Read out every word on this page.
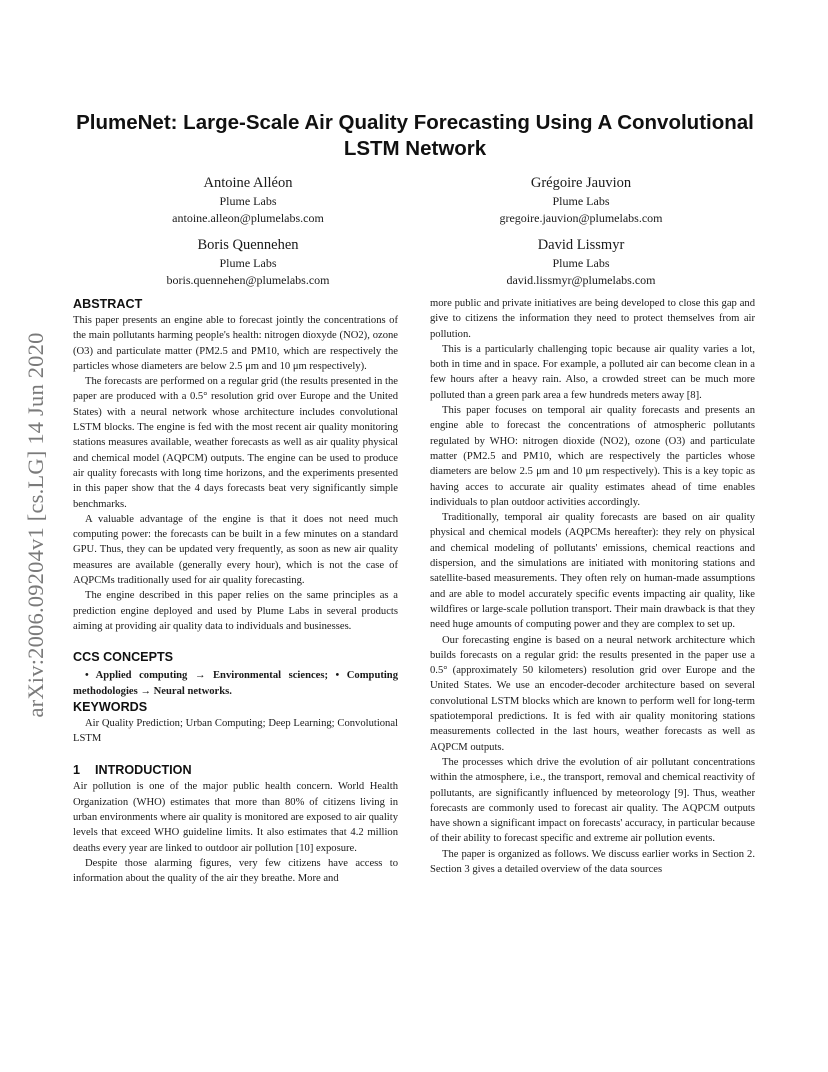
arXiv:2006.09204v1 [cs.LG] 14 Jun 2020
PlumeNet: Large-Scale Air Quality Forecasting Using A Convolutional LSTM Network
Antoine Alléon
Plume Labs
antoine.alleon@plumelabs.com
Grégoire Jauvion
Plume Labs
gregoire.jauvion@plumelabs.com
Boris Quennehen
Plume Labs
boris.quennehen@plumelabs.com
David Lissmyr
Plume Labs
david.lissmyr@plumelabs.com
ABSTRACT

This paper presents an engine able to forecast jointly the concentrations of the main pollutants harming people's health: nitrogen dioxyde (NO2), ozone (O3) and particulate matter (PM2.5 and PM10, which are respectively the particles whose diameters are below 2.5 μm and 10 μm respectively).

The forecasts are performed on a regular grid (the results presented in the paper are produced with a 0.5° resolution grid over Europe and the United States) with a neural network whose architecture includes convolutional LSTM blocks. The engine is fed with the most recent air quality monitoring stations measures available, weather forecasts as well as air quality physical and chemical model (AQPCM) outputs. The engine can be used to produce air quality forecasts with long time horizons, and the experiments presented in this paper show that the 4 days forecasts beat very significantly simple benchmarks.

A valuable advantage of the engine is that it does not need much computing power: the forecasts can be built in a few minutes on a standard GPU. Thus, they can be updated very frequently, as soon as new air quality measures are available (generally every hour), which is not the case of AQPCMs traditionally used for air quality forecasting.

The engine described in this paper relies on the same principles as a prediction engine deployed and used by Plume Labs in several products aiming at providing air quality data to individuals and businesses.

CCS CONCEPTS

• Applied computing → Environmental sciences; • Computing methodologies → Neural networks.

KEYWORDS

Air Quality Prediction; Urban Computing; Deep Learning; Convolutional LSTM

1 INTRODUCTION

Air pollution is one of the major public health concern. World Health Organization (WHO) estimates that more than 80% of citizens living in urban environments where air quality is monitored are exposed to air quality levels that exceed WHO guideline limits. It also estimates that 4.2 million deaths every year are linked to outdoor air pollution [10] exposure.

Despite those alarming figures, very few citizens have access to information about the quality of the air they breathe. More and

more public and private initiatives are being developed to close this gap and give to citizens the information they need to protect themselves from air pollution.

This is a particularly challenging topic because air quality varies a lot, both in time and in space. For example, a polluted air can become clean in a few hours after a heavy rain. Also, a crowded street can be much more polluted than a green park area a few hundreds meters away [8].

This paper focuses on temporal air quality forecasts and presents an engine able to forecast the concentrations of atmospheric pollutants regulated by WHO: nitrogen dioxide (NO2), ozone (O3) and particulate matter (PM2.5 and PM10, which are respectively the particles whose diameters are below 2.5 μm and 10 μm respectively). This is a key topic as having acces to accurate air quality estimates ahead of time enables individuals to plan outdoor activities accordingly.

Traditionally, temporal air quality forecasts are based on air quality physical and chemical models (AQPCMs hereafter): they rely on physical and chemical modeling of pollutants' emissions, chemical reactions and dispersion, and the simulations are initiated with monitoring stations and satellite-based measurements. They often rely on human-made assumptions and are able to model accurately specific events impacting air quality, like wildfires or large-scale pollution transport. Their main drawback is that they need huge amounts of computing power and they are complex to set up.

Our forecasting engine is based on a neural network architecture which builds forecasts on a regular grid: the results presented in the paper use a 0.5° (approximately 50 kilometers) resolution grid over Europe and the United States. We use an encoder-decoder architecture based on several convolutional LSTM blocks which are known to perform well for long-term spatiotemporal predictions. It is fed with air quality monitoring stations measurements collected in the last hours, weather forecasts as well as AQPCM outputs.

The processes which drive the evolution of air pollutant concentrations within the atmosphere, i.e., the transport, removal and chemical reactivity of pollutants, are significantly influenced by meteorology [9]. Thus, weather forecasts are commonly used to forecast air quality. The AQPCM outputs have shown a significant impact on forecasts' accuracy, in particular because of their ability to forecast specific and extreme air pollution events.

The paper is organized as follows. We discuss earlier works in Section 2. Section 3 gives a detailed overview of the data sources
